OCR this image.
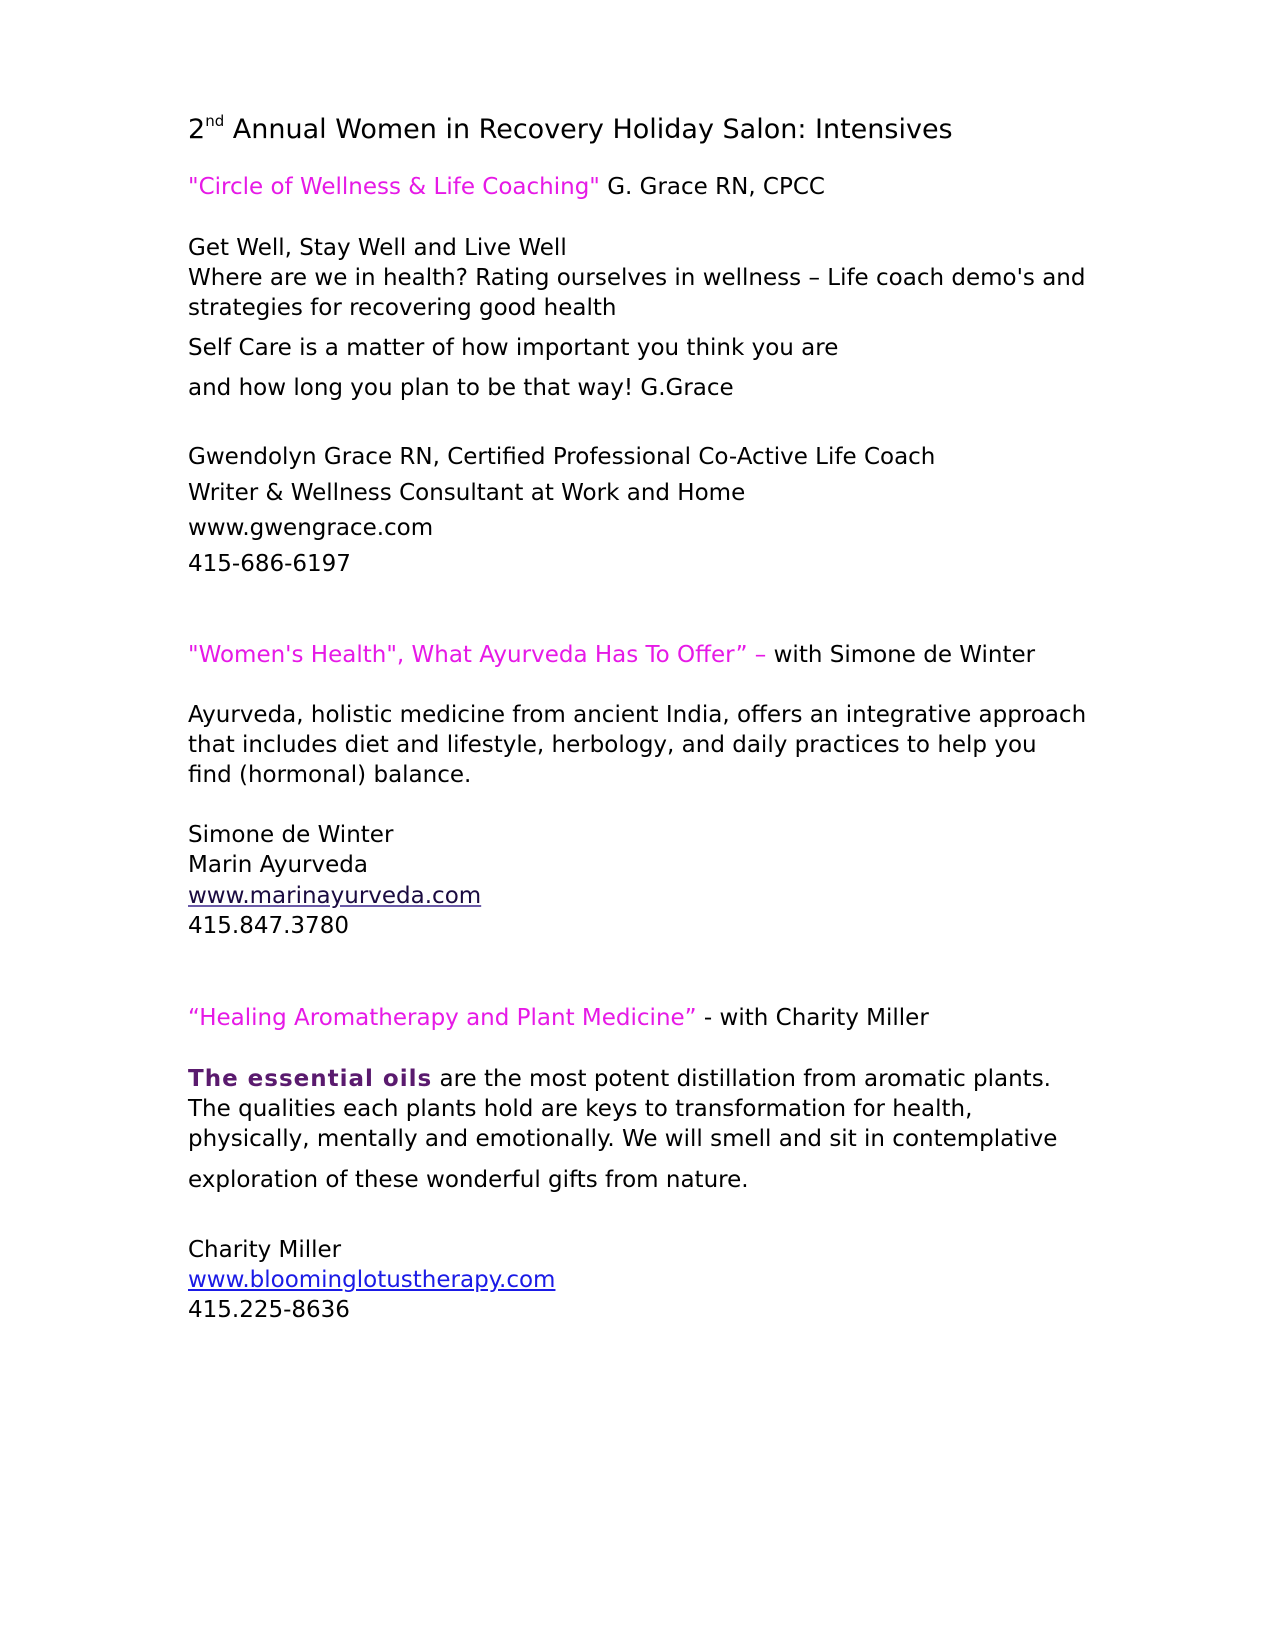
2nd Annual Women in Recovery Holiday Salon: Intensives
"Circle of Wellness & Life Coaching" G. Grace RN, CPCC
Get Well, Stay Well and Live Well
Where are we in health? Rating ourselves in wellness – Life coach demo's and
strategies for recovering good health
Self Care is a matter of how important you think you are
and how long you plan to be that way! G.Grace
Gwendolyn Grace RN, Certified Professional Co-Active Life Coach
Writer & Wellness Consultant at Work and Home
www.gwengrace.com
415-686-6197
"Women's Health", What Ayurveda Has To Offer” – with Simone de Winter
Ayurveda, holistic medicine from ancient India, offers an integrative approach
that includes diet and lifestyle, herbology, and daily practices to help you
find (hormonal) balance.
Simone de Winter
Marin Ayurveda
www.marinayurveda.com
415.847.3780
“Healing Aromatherapy and Plant Medicine” - with Charity Miller
The essential oils are the most potent distillation from aromatic plants.
The qualities each plants hold are keys to transformation for health,
physically, mentally and emotionally. We will smell and sit in contemplative
exploration of these wonderful gifts from nature.
Charity Miller
www.bloominglotustherapy.com
415.225-8636
